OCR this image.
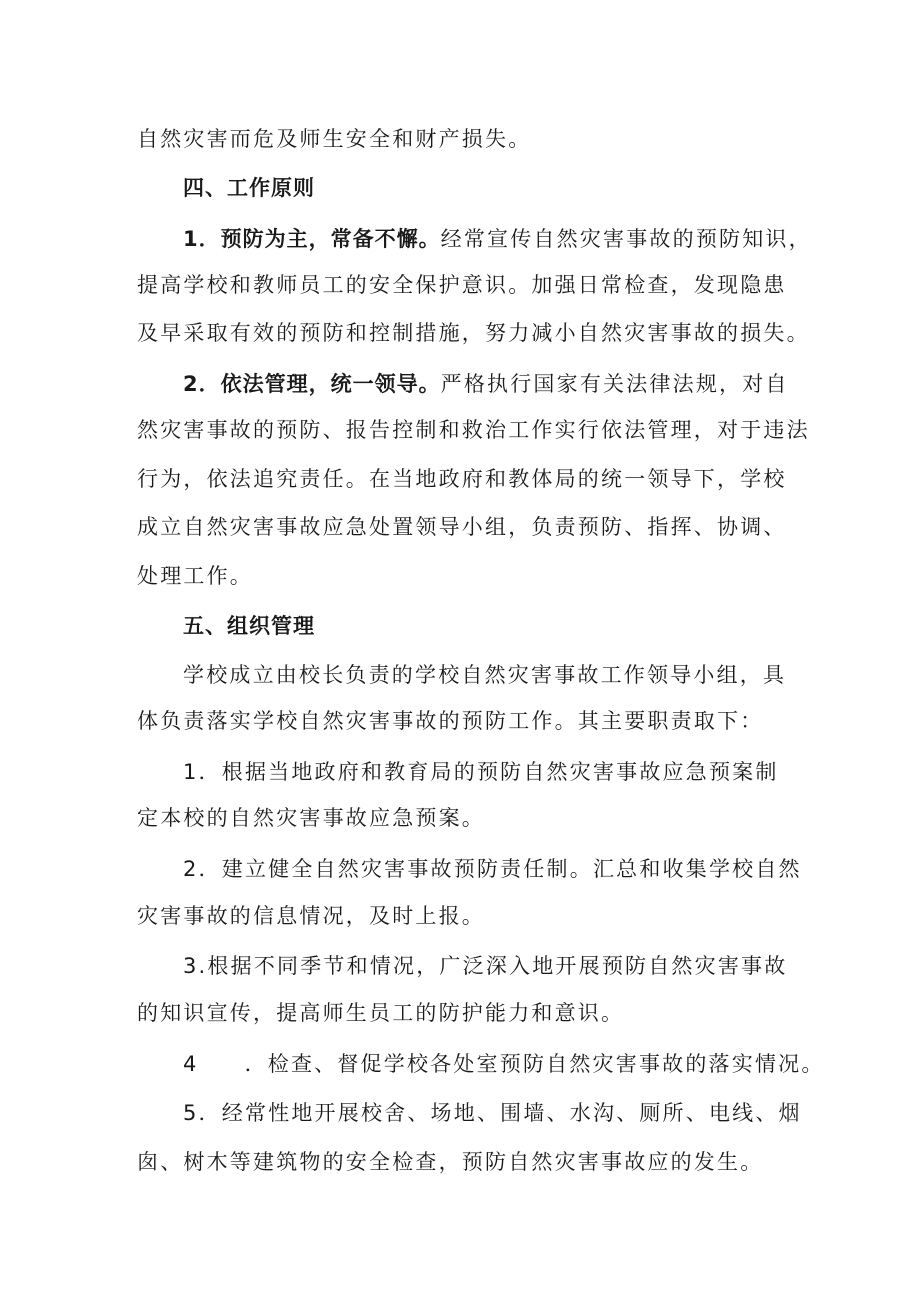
自然灾害而危及师生安全和财产损失。
四、工作原则
1．预防为主，常备不懈。经常宣传自然灾害事故的预防知识，
提高学校和教师员工的安全保护意识。加强日常检查，发现隐患
及早采取有效的预防和控制措施，努力减小自然灾害事故的损失。
2．依法管理，统一领导。严格执行国家有关法律法规，对自
然灾害事故的预防、报告控制和救治工作实行依法管理，对于违法
行为，依法追究责任。在当地政府和教体局的统一领导下，学校
成立自然灾害事故应急处置领导小组，负责预防、指挥、协调、
处理工作。
五、组织管理
学校成立由校长负责的学校自然灾害事故工作领导小组，具
体负责落实学校自然灾害事故的预防工作。其主要职责取下：
1．根据当地政府和教育局的预防自然灾害事故应急预案制
定本校的自然灾害事故应急预案。
2．建立健全自然灾害事故预防责任制。汇总和收集学校自然
灾害事故的信息情况，及时上报。
3.根据不同季节和情况，广泛深入地开展预防自然灾害事故
的知识宣传，提高师生员工的防护能力和意识。
4 ．检查、督促学校各处室预防自然灾害事故的落实情况。
5．经常性地开展校舍、场地、围墙、水沟、厕所、电线、烟
囱、树木等建筑物的安全检查，预防自然灾害事故应的发生。
